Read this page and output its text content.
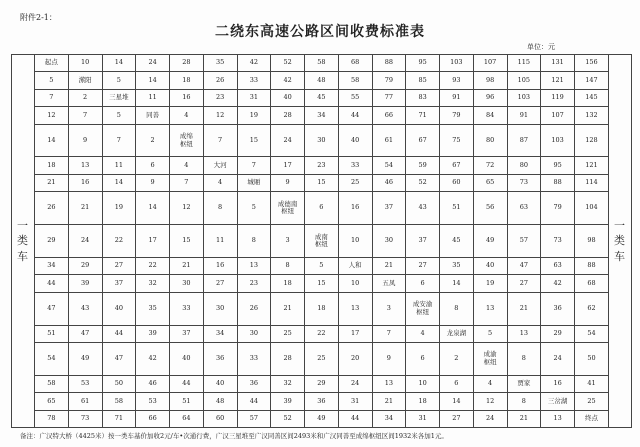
附件2-1：
二绕东高速公路区间收费标准表
单位：元
一
类
车	起点	10	14	24	28	35	42	52	58	68	88	95	103	107	115	131	156	一
类
车

	5	潆阳	5	14	18	26	33	42	48	58	79	85	93	98	105	121	147	
	7	2	三星堆	11	16	23	31	40	45	55	77	83	91	96	103	119	145	
	12	7	5	同善	4	12	19	28	34	44	66	71	79	84	91	107	132	
	14	9	7	2	成绵
枢纽	7	15	24	30	40	61	67	75	80	87	103	128	
	18	13	11	6	4	大河	7	17	23	33	54	59	67	72	80	95	121	
	21	16	14	9	7	4	城厢	9	15	25	46	52	60	65	73	88	114	
	26	21	19	14	12	8	5	成德南
枢纽	6	16	37	43	51	56	63	79	104	
	29	24	22	17	15	11	8	3	成南
枢纽	10	30	37	45	49	57	73	98	
	34	29	27	22	21	16	13	8	5	人和	21	27	35	40	47	63	88	
	44	39	37	32	30	27	23	18	15	10	五凤	6	14	19	27	42	68	
	47	43	40	35	33	30	26	21	18	13	3	成安渝
枢纽	8	13	21	36	62	
	51	47	44	39	37	34	30	25	22	17	7	4	龙泉湖	5	13	29	54	
	54	49	47	42	40	36	33	28	25	20	9	6	2	成渝
枢纽	8	24	50	
	58	53	50	46	44	40	36	32	29	24	13	10	6	4	贾家	16	41	
	65	61	58	53	51	48	44	39	36	31	21	18	14	12	8	三岔湖	25	
	78	73	71	66	64	60	57	52	49	44	34	31	27	24	21	13	终点	
备注：广汉特大桥（4425米）按一类车基价加收2元/车•次通行费，广汉三星堆至广汉同善区间2493米和广汉同善至成绵枢纽区间1932米各加1元。
